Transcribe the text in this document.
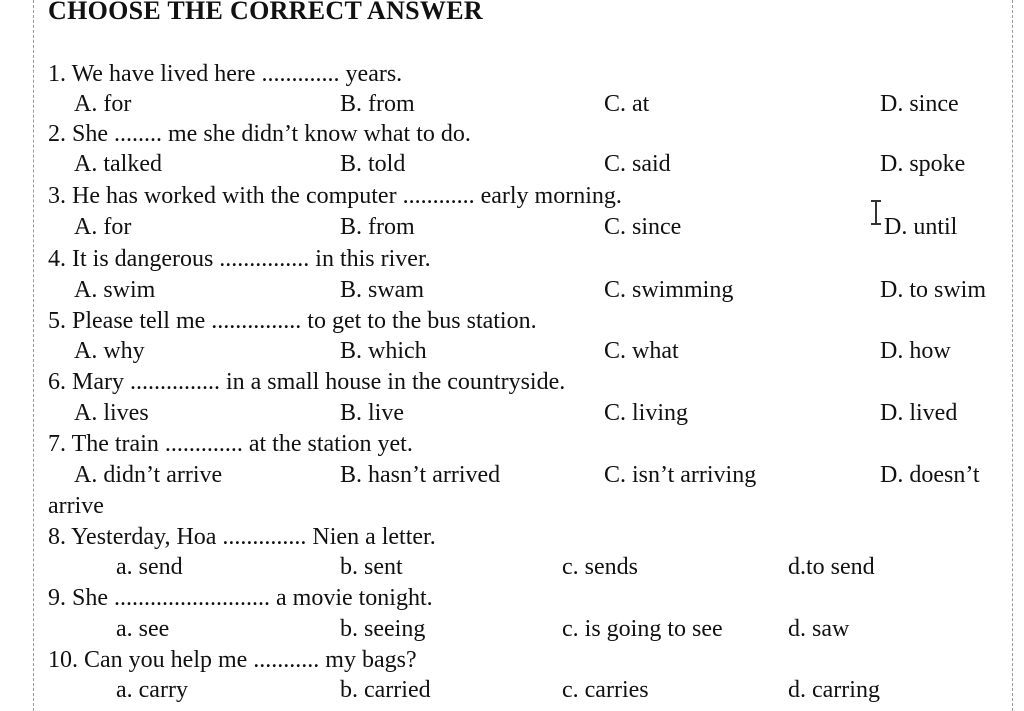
CHOOSE THE CORRECT ANSWER
1. We have lived here ............. years.
A. for	B. from	C. at	D. since
2. She ........ me she didn’t know what to do.
A. talked	B. told	C. said	D. spoke
3. He has worked with the computer ............ early morning.
A. for	B. from	C. since	D. until
4. It is dangerous ............... in this river.
A. swim	B. swam	C. swimming	D. to swim
5. Please tell me ............... to get to the bus station.
A. why	B. which	C. what	D. how
6. Mary ............... in a small house in the countryside.
A. lives	B. live	C. living	D. lived
7. The train ............. at the station yet.
A. didn’t arrive	B. hasn’t arrived	C. isn’t arriving	D. doesn’t
arrive
8. Yesterday, Hoa .............. Nien a letter.
a. send	b. sent	c. sends	d.to send
9. She .......................... a movie tonight.
a. see	b. seeing	c. is going to see	d. saw
10. Can you help me ........... my bags?
a. carry	b. carried	c. carries	d. carring
